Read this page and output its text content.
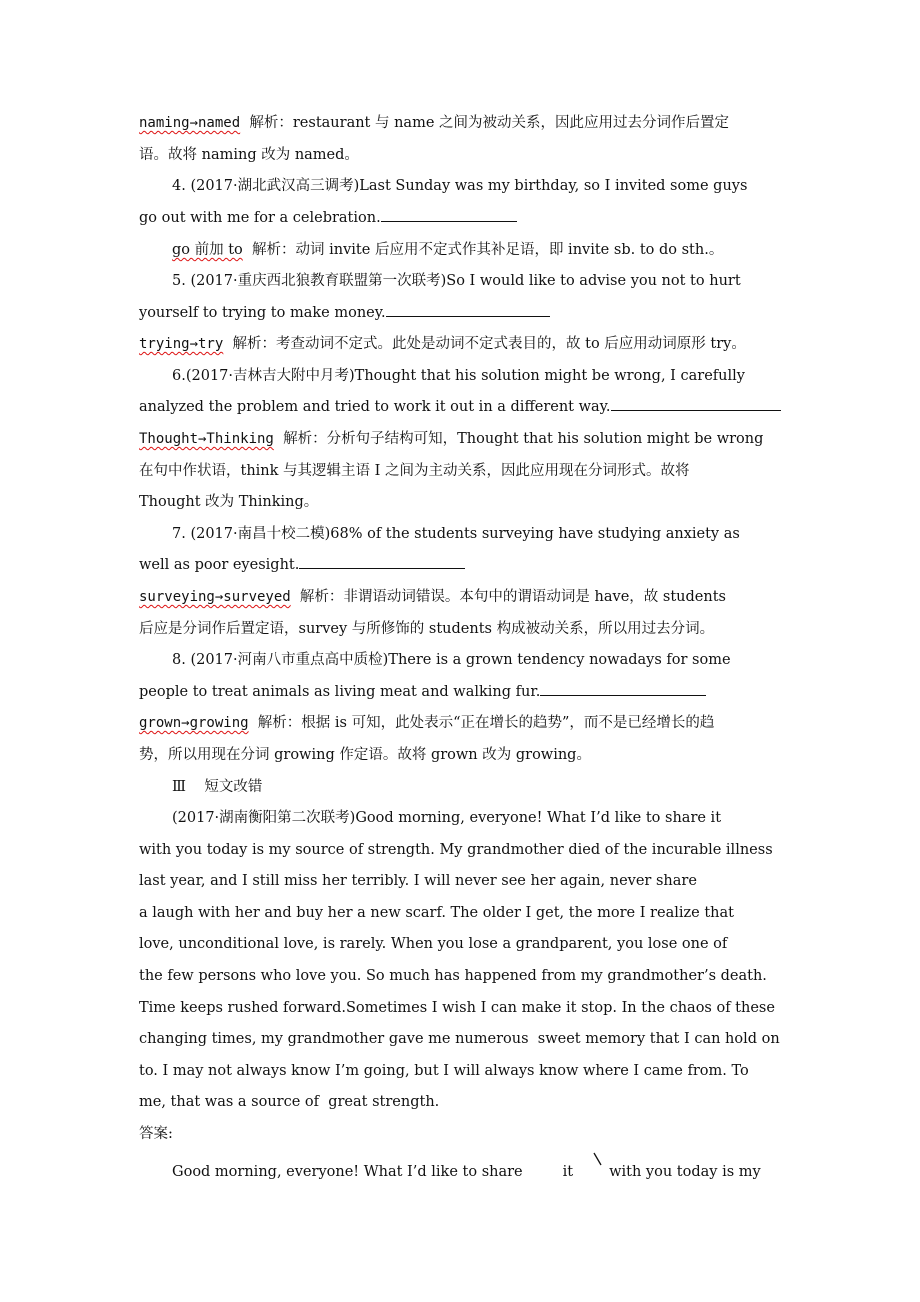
naming→named  解析：restaurant 与 name 之间为被动关系，因此应用过去分词作后置定
语。故将 naming 改为 named。
4. (2017·湖北武汉高三调考)Last Sunday was my birthday, so I invited some guys
go out with me for a celebration.
go 前加 to  解析：动词 invite 后应用不定式作其补足语，即 invite sb. to do sth.。
5. (2017·重庆西北狼教育联盟第一次联考)So I would like to advise you not to hurt
yourself to trying to make money.
trying→try  解析：考查动词不定式。此处是动词不定式表目的，故 to 后应用动词原形 try。
6.(2017·吉林吉大附中月考)Thought that his solution might be wrong, I carefully
analyzed the problem and tried to work it out in a different way.
Thought→Thinking  解析：分析句子结构可知，Thought that his solution might be wrong
在句中作状语，think 与其逻辑主语 I 之间为主动关系，因此应用现在分词形式。故将
Thought 改为 Thinking。
7. (2017·南昌十校二模)68% of the students surveying have studying anxiety as
well as poor eyesight.
surveying→surveyed  解析：非谓语动词错误。本句中的谓语动词是 have，故 students
后应是分词作后置定语，survey 与所修饰的 students 构成被动关系，所以用过去分词。
8. (2017·河南八市重点高中质检)There is a grown tendency nowadays for some
people to treat animals as living meat and walking fur.
grown→growing  解析：根据 is 可知，此处表示“正在增长的趋势”，而不是已经增长的趋
势，所以用现在分词 growing 作定语。故将 grown 改为 growing。
Ⅲ    短文改错
(2017·湖南衡阳第二次联考)Good morning, everyone! What I’d like to share it
with you today is my source of strength. My grandmother died of the incurable illness
last year, and I still miss her terribly. I will never see her again, never share
a laugh with her and buy her a new scarf. The older I get, the more I realize that
love, unconditional love, is rarely. When you lose a grandparent, you lose one of
the few persons who love you. So much has happened from my grandmother’s death.
Time keeps rushed forward.Sometimes I wish I can make it stop. In the chaos of these
changing times, my grandmother gave me numerous  sweet memory that I can hold on
to. I may not always know I’m going, but I will always know where I came from. To
me, that was a source of  great strength.
答案:
Good morning, everyone! What I’d like to share	it with you today is my
